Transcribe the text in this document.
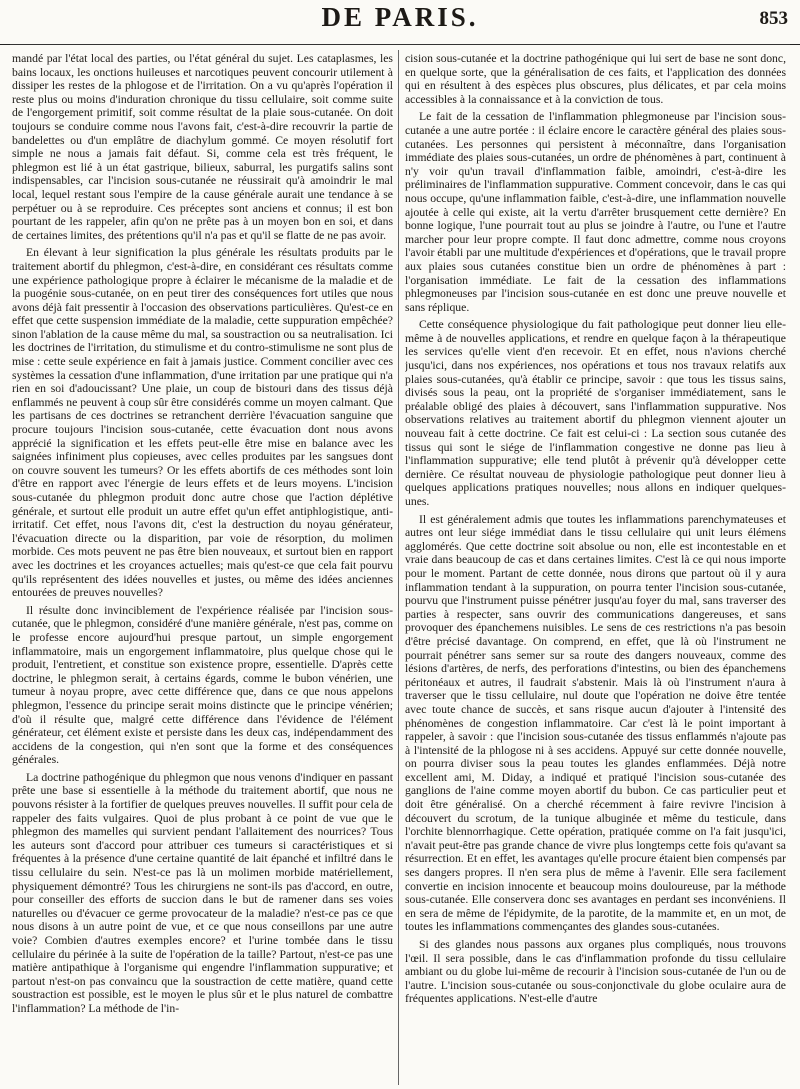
DE PARIS.	853

mandé par l'état local des parties, ou l'état général du sujet. Les cataplasmes, les bains locaux, les onctions huileuses et narcotiques peuvent concourir utilement à dissiper les restes de la phlogose et de l'irritation. On a vu qu'après l'opération il reste plus ou moins d'induration chronique du tissu cellulaire, soit comme suite de l'engorgement primitif, soit comme résultat de la plaie sous-cutanée. On doit toujours se conduire comme nous l'avons fait, c'est-à-dire recouvrir la partie de bandelettes ou d'un emplâtre de diachylum gommé. Ce moyen résolutif fort simple ne nous a jamais fait défaut. Si, comme cela est très fréquent, le phlegmon est lié à un état gastrique, bilieux, saburral, les purgatifs salins sont indispensables, car l'incision sous-cutanée ne réussirait qu'à amoindrir le mal local, lequel restant sous l'empire de la cause générale aurait une tendance à se perpétuer ou à se reproduire. Ces préceptes sont anciens et connus; il est bon pourtant de les rappeler, afin qu'on ne prête pas à un moyen bon en soi, et dans de certaines limites, des prétentions qu'il n'a pas et qu'il se flatte de ne pas avoir.

En élevant à leur signification la plus générale les résultats produits par le traitement abortif du phlegmon, c'est-à-dire, en considérant ces résultats comme une expérience pathologique propre à éclairer le mécanisme de la maladie et de la puogénie sous-cutanée, on en peut tirer des conséquences fort utiles que nous avons déjà fait pressentir à l'occasion des observations particulières. Qu'est-ce en effet que cette suspension immédiate de la maladie, cette suppuration empêchée? sinon l'ablation de la cause même du mal, sa soustraction ou sa neutralisation. Ici les doctrines de l'irritation, du stimulisme et du contro-stimulisme ne sont plus de mise : cette seule expérience en fait à jamais justice. Comment concilier avec ces systèmes la cessation d'une inflammation, d'une irritation par une pratique qui n'a rien en soi d'adoucissant? Une plaie, un coup de bistouri dans des tissus déjà enflammés ne peuvent à coup sûr être considérés comme un moyen calmant. Que les partisans de ces doctrines se retranchent derrière l'évacuation sanguine que procure toujours l'incision sous-cutanée, cette évacuation dont nous avons apprécié la signification et les effets peut-elle être mise en balance avec les saignées infiniment plus copieuses, avec celles produites par les sangsues dont on couvre souvent les tumeurs? Or les effets abortifs de ces méthodes sont loin d'être en rapport avec l'énergie de leurs effets et de leurs moyens. L'incision sous-cutanée du phlegmon produit donc autre chose que l'action déplétive générale, et surtout elle produit un autre effet qu'un effet antiphlogistique, anti-irritatif. Cet effet, nous l'avons dit, c'est la destruction du noyau générateur, l'évacuation directe ou la disparition, par voie de résorption, du molimen morbide. Ces mots peuvent ne pas être bien nouveaux, et surtout bien en rapport avec les doctrines et les croyances actuelles; mais qu'est-ce que cela fait pourvu qu'ils représentent des idées nouvelles et justes, ou même des idées anciennes entourées de preuves nouvelles?

Il résulte donc invinciblement de l'expérience réalisée par l'incision sous-cutanée, que le phlegmon, considéré d'une manière générale, n'est pas, comme on le professe encore aujourd'hui presque partout, un simple engorgement inflammatoire, mais un engorgement inflammatoire, plus quelque chose qui le produit, l'entretient, et constitue son existence propre, essentielle. D'après cette doctrine, le phlegmon serait, à certains égards, comme le bubon vénérien, une tumeur à noyau propre, avec cette différence que, dans ce que nous appelons phlegmon, l'essence du principe serait moins distincte que le principe vénérien; d'où il résulte que, malgré cette différence dans l'évidence de l'élément générateur, cet élément existe et persiste dans les deux cas, indépendamment des accidens de la congestion, qui n'en sont que la forme et des conséquences générales.

La doctrine pathogénique du phlegmon que nous venons d'indiquer en passant prête une base si essentielle à la méthode du traitement abortif, que nous ne pouvons résister à la fortifier de quelques preuves nouvelles. Il suffit pour cela de rappeler des faits vulgaires. Quoi de plus probant à ce point de vue que le phlegmon des mamelles qui survient pendant l'allaitement des nourrices? Tous les auteurs sont d'accord pour attribuer ces tumeurs si caractéristiques et si fréquentes à la présence d'une certaine quantité de lait épanché et infiltré dans le tissu cellulaire du sein. N'est-ce pas là un molimen morbide matériellement, physiquement démontré? Tous les chirurgiens ne sont-ils pas d'accord, en outre, pour conseiller des efforts de succion dans le but de ramener dans ses voies naturelles ou d'évacuer ce germe provocateur de la maladie? n'est-ce pas ce que nous disons à un autre point de vue, et ce que nous conseillons par une autre voie? Combien d'autres exemples encore? et l'urine tombée dans le tissu cellulaire du périnée à la suite de l'opération de la taille? Partout, n'est-ce pas une matière antipathique à l'organisme qui engendre l'inflammation suppurative; et partout n'est-on pas convaincu que la soustraction de cette matière, quand cette soustraction est possible, est le moyen le plus sûr et le plus naturel de combattre l'inflammation? La méthode de l'in-

cision sous-cutanée et la doctrine pathogénique qui lui sert de base ne sont donc, en quelque sorte, que la généralisation de ces faits, et l'application des données qui en résultent à des espèces plus obscures, plus délicates, et par cela moins accessibles à la connaissance et à la conviction de tous.

Le fait de la cessation de l'inflammation phlegmoneuse par l'incision sous-cutanée a une autre portée : il éclaire encore le caractère général des plaies sous-cutanées. Les personnes qui persistent à méconnaître, dans l'organisation immédiate des plaies sous-cutanées, un ordre de phénomènes à part, continuent à n'y voir qu'un travail d'inflammation faible, amoindri, c'est-à-dire les préliminaires de l'inflammation suppurative. Comment concevoir, dans le cas qui nous occupe, qu'une inflammation faible, c'est-à-dire, une inflammation nouvelle ajoutée à celle qui existe, ait la vertu d'arrêter brusquement cette dernière? En bonne logique, l'une pourrait tout au plus se joindre à l'autre, ou l'une et l'autre marcher pour leur propre compte. Il faut donc admettre, comme nous croyons l'avoir établi par une multitude d'expériences et d'opérations, que le travail propre aux plaies sous cutanées constitue bien un ordre de phénomènes à part : l'organisation immédiate. Le fait de la cessation des inflammations phlegmoneuses par l'incision sous-cutanée en est donc une preuve nouvelle et sans réplique.

Cette conséquence physiologique du fait pathologique peut donner lieu elle-même à de nouvelles applications, et rendre en quelque façon à la thérapeutique les services qu'elle vient d'en recevoir. Et en effet, nous n'avions cherché jusqu'ici, dans nos expériences, nos opérations et tous nos travaux relatifs aux plaies sous-cutanées, qu'à établir ce principe, savoir : que tous les tissus sains, divisés sous la peau, ont la propriété de s'organiser immédiatement, sans le préalable obligé des plaies à découvert, sans l'inflammation suppurative. Nos observations relatives au traitement abortif du phlegmon viennent ajouter un nouveau fait à cette doctrine. Ce fait est celui-ci : La section sous cutanée des tissus qui sont le siége de l'inflammation congestive ne donne pas lieu à l'inflammation suppurative; elle tend plutôt à prévenir qu'à développer cette dernière. Ce résultat nouveau de physiologie pathologique peut donner lieu à quelques applications pratiques nouvelles; nous allons en indiquer quelques-unes.

Il est généralement admis que toutes les inflammations parenchymateuses et autres ont leur siége immédiat dans le tissu cellulaire qui unit leurs élémens agglomérés. Que cette doctrine soit absolue ou non, elle est incontestable en et vraie dans beaucoup de cas et dans certaines limites. C'est là ce qui nous importe pour le moment. Partant de cette donnée, nous dirons que partout où il y aura inflammation tendant à la suppuration, on pourra tenter l'incision sous-cutanée, pourvu que l'instrument puisse pénétrer jusqu'au foyer du mal, sans traverser des parties à respecter, sans ouvrir des communications dangereuses, et sans provoquer des épanchemens nuisibles. Le sens de ces restrictions n'a pas besoin d'être précisé davantage. On comprend, en effet, que là où l'instrument ne pourrait pénétrer sans semer sur sa route des dangers nouveaux, comme des lésions d'artères, de nerfs, des perforations d'intestins, ou bien des épanchemens péritonéaux et autres, il faudrait s'abstenir. Mais là où l'instrument n'aura à traverser que le tissu cellulaire, nul doute que l'opération ne doive être tentée avec toute chance de succès, et sans risque aucun d'ajouter à l'intensité des phénomènes de congestion inflammatoire. Car c'est là le point important à rappeler, à savoir : que l'incision sous-cutanée des tissus enflammés n'ajoute pas à l'intensité de la phlogose ni à ses accidens. Appuyé sur cette donnée nouvelle, on pourra diviser sous la peau toutes les glandes enflammées. Déjà notre excellent ami, M. Diday, a indiqué et pratiqué l'incision sous-cutanée des ganglions de l'aine comme moyen abortif du bubon. Ce cas particulier peut et doit être généralisé. On a cherché récemment à faire revivre l'incision à découvert du scrotum, de la tunique albuginée et même du testicule, dans l'orchite blennorrhagique. Cette opération, pratiquée comme on l'a fait jusqu'ici, n'avait peut-être pas grande chance de vivre plus longtemps cette fois qu'avant sa résurrection. Et en effet, les avantages qu'elle procure étaient bien compensés par ses dangers propres. Il n'en sera plus de même à l'avenir. Elle sera facilement convertie en incision innocente et beaucoup moins douloureuse, par la méthode sous-cutanée. Elle conservera donc ses avantages en perdant ses inconvéniens. Il en sera de même de l'épidymite, de la parotite, de la mammite et, en un mot, de toutes les inflammations commençantes des glandes sous-cutanées.

Si des glandes nous passons aux organes plus compliqués, nous trouvons l'œil. Il sera possible, dans le cas d'inflammation profonde du tissu cellulaire ambiant ou du globe lui-même de recourir à l'incision sous-cutanée de l'un ou de l'autre. L'incision sous-cutanée ou sous-conjonctivale du globe oculaire aura de fréquentes applications. N'est-elle d'autre
